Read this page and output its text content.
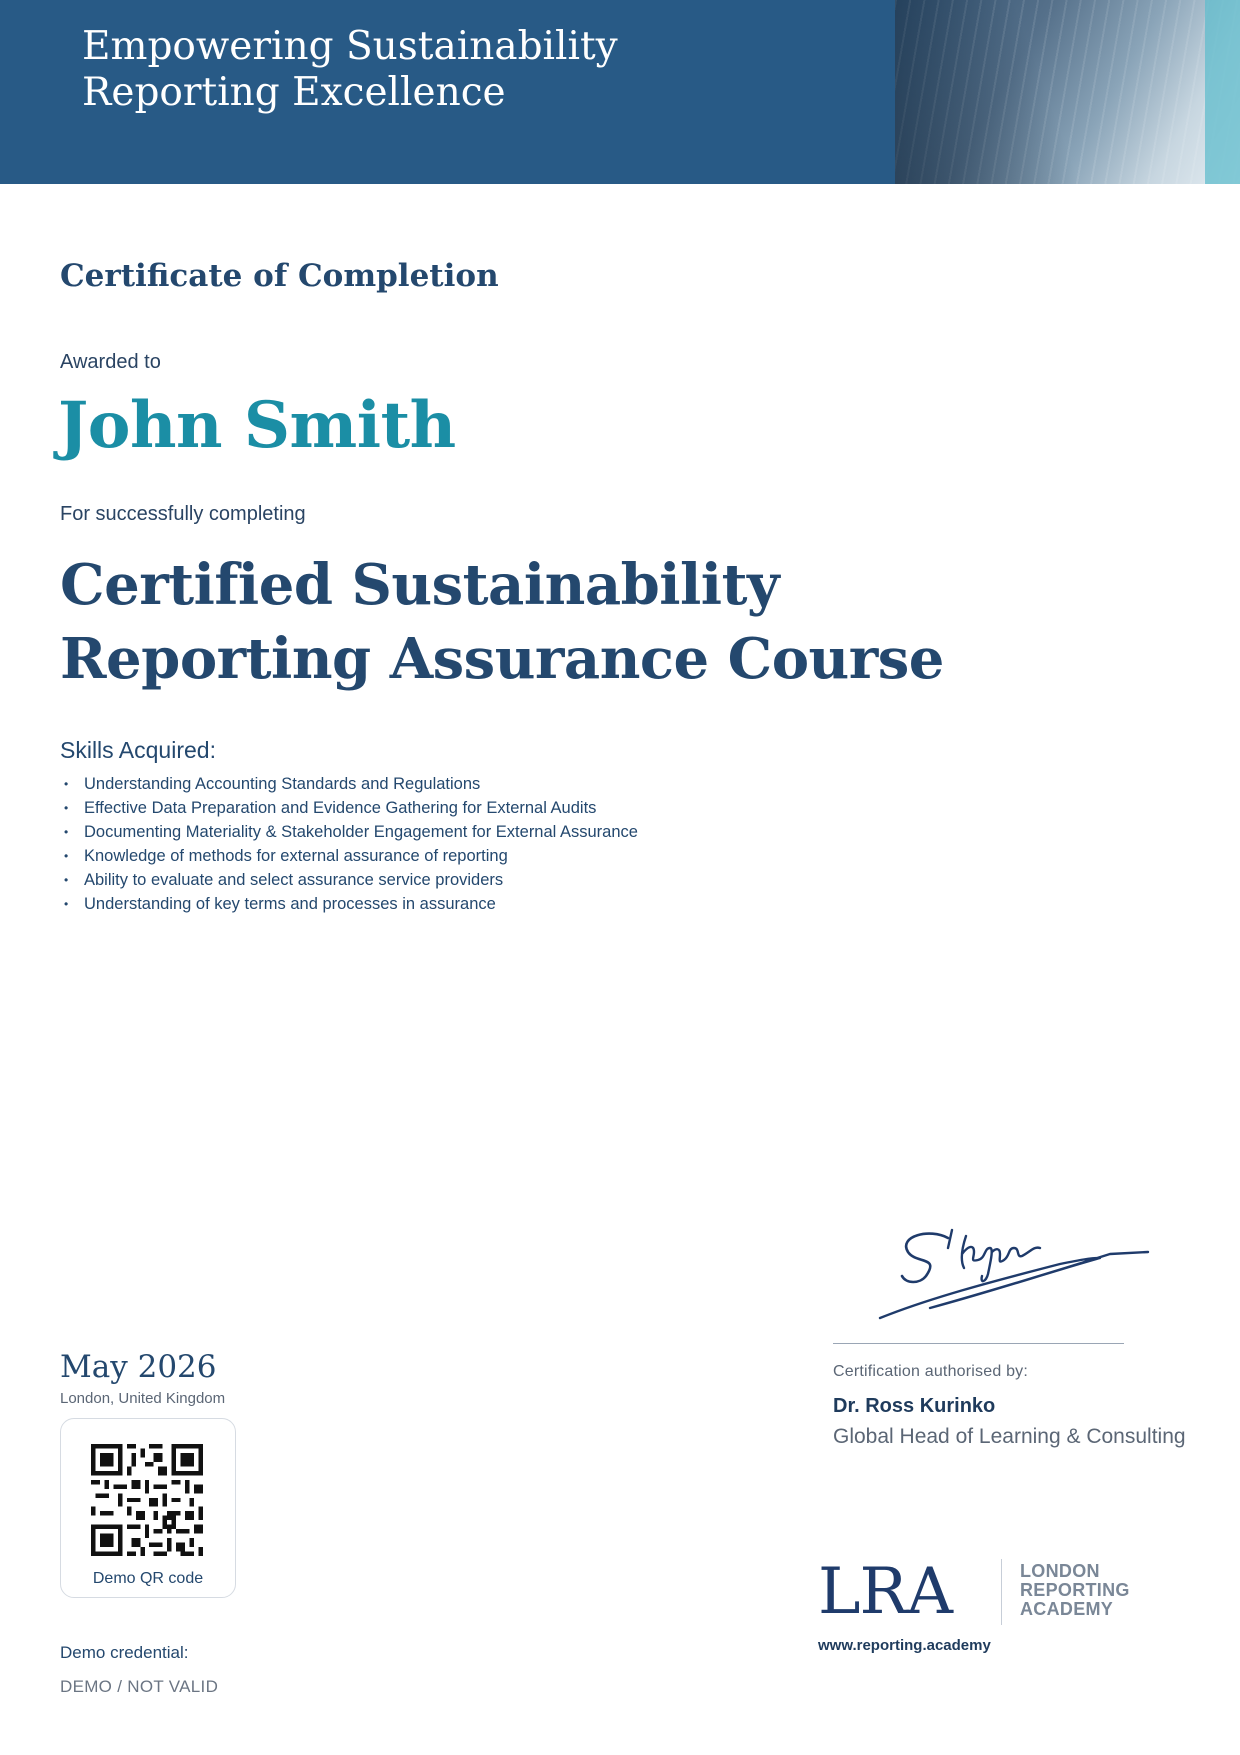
Empowering Sustainability
Reporting Excellence
Certificate of Completion
Awarded to
John Smith
For successfully completing
Certified Sustainability
Reporting Assurance Course
Skills Acquired:
• Understanding Accounting Standards and Regulations
• Effective Data Preparation and Evidence Gathering for External Audits
• Documenting Materiality & Stakeholder Engagement for External Assurance
• Knowledge of methods for external assurance of reporting
• Ability to evaluate and select assurance service providers
• Understanding of key terms and processes in assurance
Certification authorised by:
Dr. Ross Kurinko
Global Head of Learning & Consulting
May 2026
London, United Kingdom
Demo QR code
Demo credential:
DEMO / NOT VALID
LRA	LONDON
REPORTING
ACADEMY
www.reporting.academy
